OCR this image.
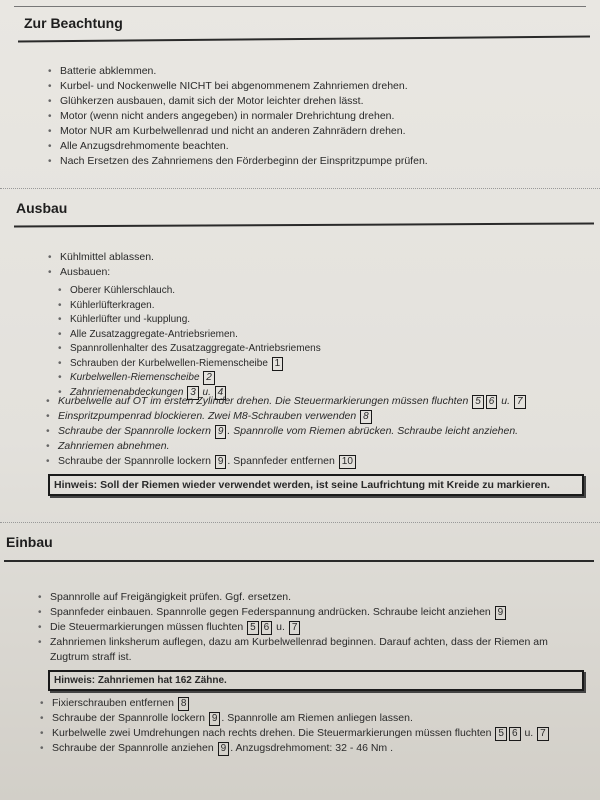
Zur Beachtung
• Batterie abklemmen.
• Kurbel- und Nockenwelle NICHT bei abgenommenem Zahnriemen drehen.
• Glühkerzen ausbauen, damit sich der Motor leichter drehen lässt.
• Motor (wenn nicht anders angegeben) in normaler Drehrichtung drehen.
• Motor NUR am Kurbelwellenrad und nicht an anderen Zahnrädern drehen.
• Alle Anzugsdrehmomente beachten.
• Nach Ersetzen des Zahnriemens den Förderbeginn der Einspritzpumpe prüfen.
Ausbau
• Kühlmittel ablassen.
• Ausbauen:
• Oberer Kühlerschlauch.
• Kühlerlüfterkragen.
• Kühlerlüfter und -kupplung.
• Alle Zusatzaggregate-Antriebsriemen.
• Spannrollenhalter des Zusatzaggregate-Antriebsriemens
• Schrauben der Kurbelwellen-Riemenscheibe 1
• Kurbelwellen-Riemenscheibe 2
• Zahnriemenabdeckungen 3 u. 4
• Kurbelwelle auf OT im ersten Zylinder drehen. Die Steuermarkierungen müssen fluchten 5 6 u. 7
• Einspritzpumpenrad blockieren. Zwei M8-Schrauben verwenden 8
• Schraube der Spannrolle lockern 9 . Spannrolle vom Riemen abrücken. Schraube leicht anziehen.
• Zahnriemen abnehmen.
• Schraube der Spannrolle lockern 9 . Spannfeder entfernen 10
Hinweis: Soll der Riemen wieder verwendet werden, ist seine Laufrichtung mit Kreide zu markieren.
Einbau
• Spannrolle auf Freigängigkeit prüfen. Ggf. ersetzen.
• Spannfeder einbauen. Spannrolle gegen Federspannung andrücken. Schraube leicht anziehen 9
• Die Steuermarkierungen müssen fluchten 5 6 u. 7
• Zahnriemen linksherum auflegen, dazu am Kurbelwellenrad beginnen. Darauf achten, dass der Riemen am Zugtrum straff ist.
Hinweis: Zahnriemen hat 162 Zähne.
• Fixierschrauben entfernen 8
• Schraube der Spannrolle lockern 9 . Spannrolle am Riemen anliegen lassen.
• Kurbelwelle zwei Umdrehungen nach rechts drehen. Die Steuermarkierungen müssen fluchten 5 6 u. 7
• Schraube der Spannrolle anziehen 9 . Anzugsdrehmoment: 32 - 46 Nm .
